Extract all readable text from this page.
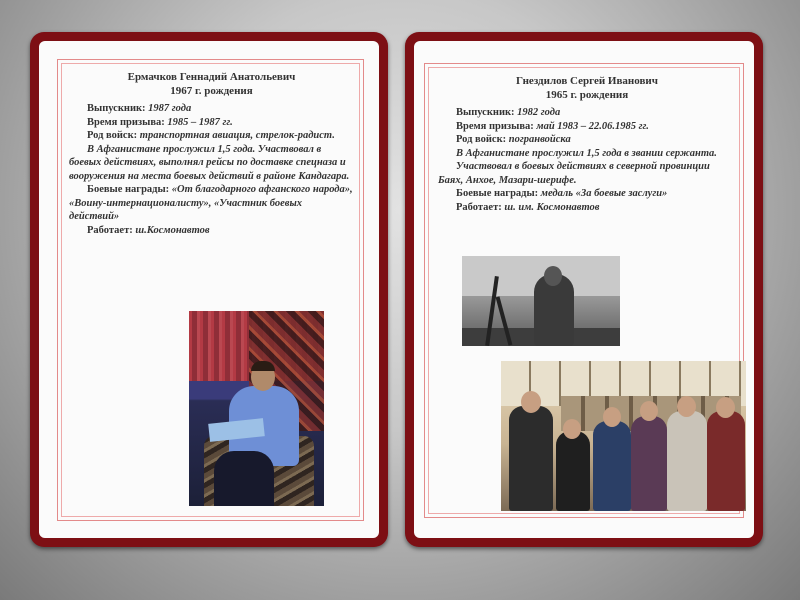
Ермачков Геннадий Анатольевич
1967 г. рождения
Выпускник: 1987 года
Время призыва: 1985 – 1987 гг.
Род войск: транспортная авиация, стрелок-радист.
В Афганистане прослужил 1,5 года. Участвовал в боевых действиях, выполнял рейсы по доставке спецназа и вооружения на места боевых действий в районе Кандагара.
Боевые награды: «От благодарного афганского народа», «Воину-интернационалисту», «Участник боевых действий»
Работает: ш.Космонавтов
Гнездилов Сергей Иванович
1965 г. рождения
Выпускник: 1982 года
Время призыва: май 1983 – 22.06.1985 гг.
Род войск: погранвойска
В Афганистане прослужил 1,5 года в звании сержанта.
Участвовал в боевых действиях в северной провинции Баях, Анхое, Мазари-шерифе.
Боевые награды: медаль «За боевые заслуги»
Работает: ш. им. Космонавтов
